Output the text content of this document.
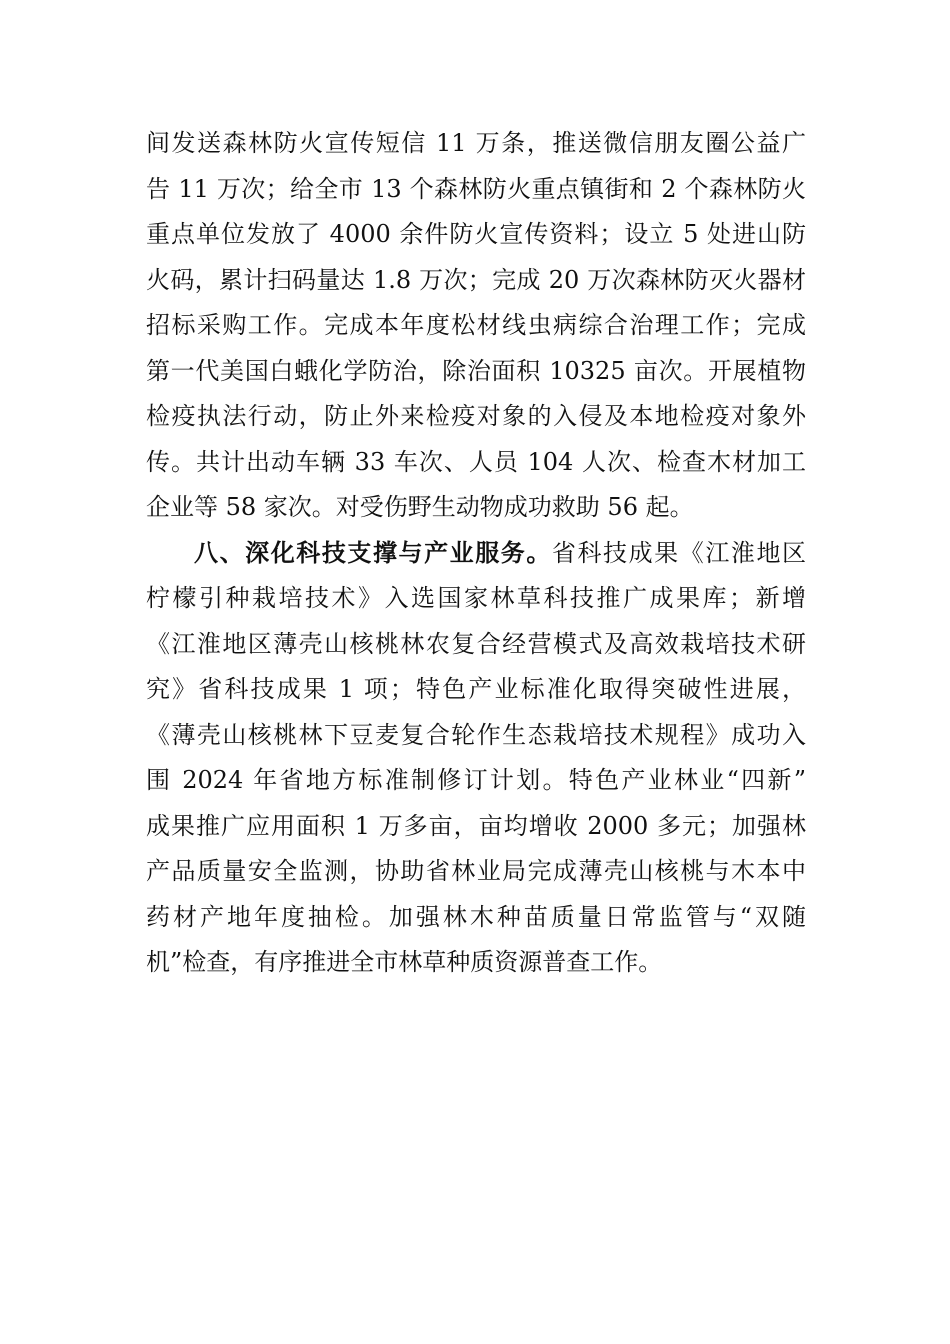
间发送森林防火宣传短信 11 万条，推送微信朋友圈公益广
告 11 万次；给全市 13 个森林防火重点镇街和 2 个森林防火
重点单位发放了 4000 余件防火宣传资料；设立 5 处进山防
火码，累计扫码量达 1.8 万次；完成 20 万次森林防灭火器材
招标采购工作。完成本年度松材线虫病综合治理工作；完成
第一代美国白蛾化学防治，除治面积 10325 亩次。开展植物
检疫执法行动，防止外来检疫对象的入侵及本地检疫对象外
传。共计出动车辆 33 车次、人员 104 人次、检查木材加工
企业等 58 家次。对受伤野生动物成功救助 56 起。
八、深化科技支撑与产业服务。省科技成果《江淮地区
柠檬引种栽培技术》入选国家林草科技推广成果库；新增
《江淮地区薄壳山核桃林农复合经营模式及高效栽培技术研
究》省科技成果 1 项；特色产业标准化取得突破性进展，
《薄壳山核桃林下豆麦复合轮作生态栽培技术规程》成功入
围 2024 年省地方标准制修订计划。特色产业林业“四新”
成果推广应用面积 1 万多亩，亩均增收 2000 多元；加强林
产品质量安全监测，协助省林业局完成薄壳山核桃与木本中
药材产地年度抽检。加强林木种苗质量日常监管与“双随
机”检查，有序推进全市林草种质资源普查工作。
